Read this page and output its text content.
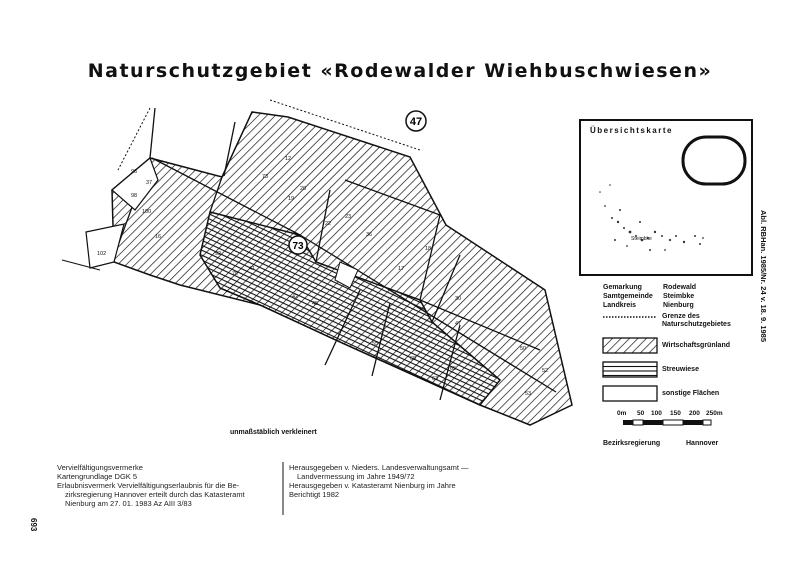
Naturschutzgebiet «Rodewalder Wiehbuschwiesen»
47
73
96
37
98
100
102
16
12
20
73
19
36
17
18
23
22
55
69
47
50
52
53
63
65
79
41
42
45
92
30
Übersichtskarte
Steimbke
Gemarkung
Samtgemeinde
Landkreis
Rodewald
Steimbke
Nienburg
Grenze des
Naturschutzgebietes
Wirtschaftsgrünland
Streuwiese
sonstige Flächen
0m 50 100 150 200 250m
Bezirksregierung	Hannover
unmaßstäblich verkleinert
Abl. RBHan. 1985/Nr. 24 v. 18. 9. 1985
693
Vervielfältigungsvermerke
Kartengrundlage DGK 5
Erlaubnisvermerk Vervielfältigungserlaubnis für die Be-
zirksregierung Hannover erteilt durch das Katasteramt
Nienburg am 27. 01. 1983 Az AIII 3/83
Herausgegeben v. Nieders. Landesverwaltungsamt —
Landvermessung im Jahre 1949/72
Herausgegeben v. Katasteramt Nienburg im Jahre
Berichtigt 1982
